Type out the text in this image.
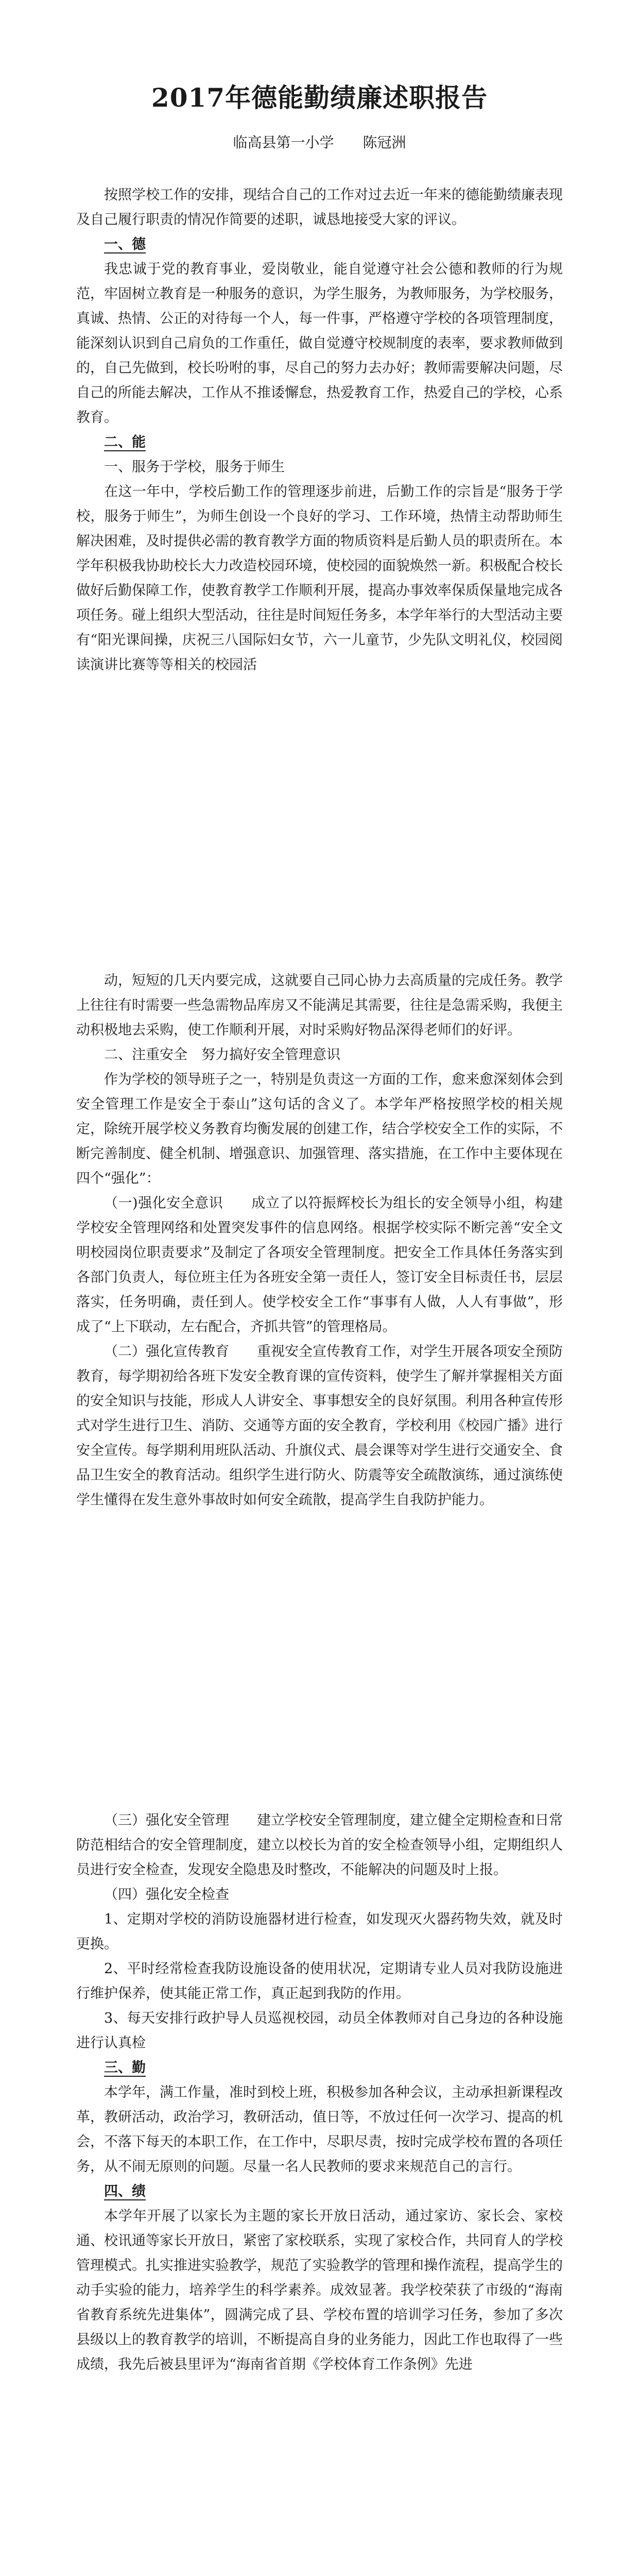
2017年德能勤绩廉述职报告
临高县第一小学　　陈冠洲

按照学校工作的安排，现结合自己的工作对过去近一年来的德能勤绩廉表现及自己履行职责的情况作简要的述职，诚恳地接受大家的评议。

一、德

我忠诚于党的教育事业，爱岗敬业，能自觉遵守社会公德和教师的行为规范，牢固树立教育是一种服务的意识，为学生服务，为教师服务，为学校服务，真诚、热情、公正的对待每一个人，每一件事，严格遵守学校的各项管理制度，能深刻认识到自己肩负的工作重任，做自觉遵守校规制度的表率，要求教师做到的，自己先做到，校长吩咐的事，尽自己的努力去办好；教师需要解决问题，尽自己的所能去解决，工作从不推诿懈怠，热爱教育工作，热爱自己的学校，心系教育。

二、能

一、服务于学校，服务于师生

在这一年中，学校后勤工作的管理逐步前进，后勤工作的宗旨是“服务于学校，服务于师生”，为师生创设一个良好的学习、工作环境，热情主动帮助师生解决困难，及时提供必需的教育教学方面的物质资料是后勤人员的职责所在。本学年积极我协助校长大力改造校园环境，使校园的面貌焕然一新。积极配合校长做好后勤保障工作，使教育教学工作顺利开展，提高办事效率保质保量地完成各项任务。碰上组织大型活动，往往是时间短任务多，本学年举行的大型活动主要有“阳光课间操，庆祝三八国际妇女节，六一儿童节，少先队文明礼仪，校园阅读演讲比赛等等相关的校园活

动，短短的几天内要完成，这就要自己同心协力去高质量的完成任务。教学上往往有时需要一些急需物品库房又不能满足其需要，往往是急需采购，我便主动积极地去采购，使工作顺利开展，对时采购好物品深得老师们的好评。

二、注重安全　努力搞好安全管理意识

作为学校的领导班子之一，特别是负责这一方面的工作，愈来愈深刻体会到安全管理工作是安全于泰山”这句话的含义了。本学年严格按照学校的相关规定，除统开展学校义务教育均衡发展的创建工作，结合学校安全工作的实际，不断完善制度、健全机制、增强意识、加强管理、落实措施，在工作中主要体现在四个“强化”：

（一)强化安全意识　　成立了以符振辉校长为组长的安全领导小组，构建学校安全管理网络和处置突发事件的信息网络。根据学校实际不断完善“安全文明校园岗位职责要求”及制定了各项安全管理制度。把安全工作具体任务落实到各部门负责人，每位班主任为各班安全第一责任人，签订安全目标责任书，层层落实，任务明确，责任到人。使学校安全工作“事事有人做，人人有事做”，形成了“上下联动，左右配合，齐抓共管”的管理格局。

（二）强化宣传教育　　重视安全宣传教育工作，对学生开展各项安全预防教育，每学期初给各班下发安全教育课的宣传资料，使学生了解并掌握相关方面的安全知识与技能，形成人人讲安全、事事想安全的良好氛围。利用各种宣传形式对学生进行卫生、消防、交通等方面的安全教育，学校利用《校园广播》进行安全宣传。每学期利用班队活动、升旗仪式、晨会课等对学生进行交通安全、食品卫生安全的教育活动。组织学生进行防火、防震等安全疏散演练，通过演练使学生懂得在发生意外事故时如何安全疏散，提高学生自我防护能力。

（三）强化安全管理　　建立学校安全管理制度，建立健全定期检查和日常防范相结合的安全管理制度，建立以校长为首的安全检查领导小组，定期组织人员进行安全检查，发现安全隐患及时整改，不能解决的问题及时上报。

（四）强化安全检查

1、定期对学校的消防设施器材进行检查，如发现灭火器药物失效，就及时更换。

2、平时经常检查我防设施设备的使用状况，定期请专业人员对我防设施进行维护保养，使其能正常工作，真正起到我防的作用。

3、每天安排行政护导人员巡视校园，动员全体教师对自己身边的各种设施进行认真检

三、勤

本学年，满工作量，准时到校上班，积极参加各种会议，主动承担新课程改革，教研活动，政治学习，教研活动，值日等，不放过任何一次学习、提高的机会，不落下每天的本职工作，在工作中，尽职尽责，按时完成学校布置的各项任务，从不闹无原则的问题。尽量一名人民教师的要求来规范自己的言行。

四、绩

本学年开展了以家长为主题的家长开放日活动，通过家访、家长会、家校通、校讯通等家长开放日，紧密了家校联系，实现了家校合作，共同育人的学校管理模式。扎实推进实验教学，规范了实验教学的管理和操作流程，提高学生的动手实验的能力，培养学生的科学素养。成效显著。我学校荣获了市级的“海南省教育系统先进集体”，圆满完成了县、学校布置的培训学习任务，参加了多次县级以上的教育教学的培训，不断提高自身的业务能力，因此工作也取得了一些成绩，我先后被县里评为“海南省首期《学校体育工作条例》先进
